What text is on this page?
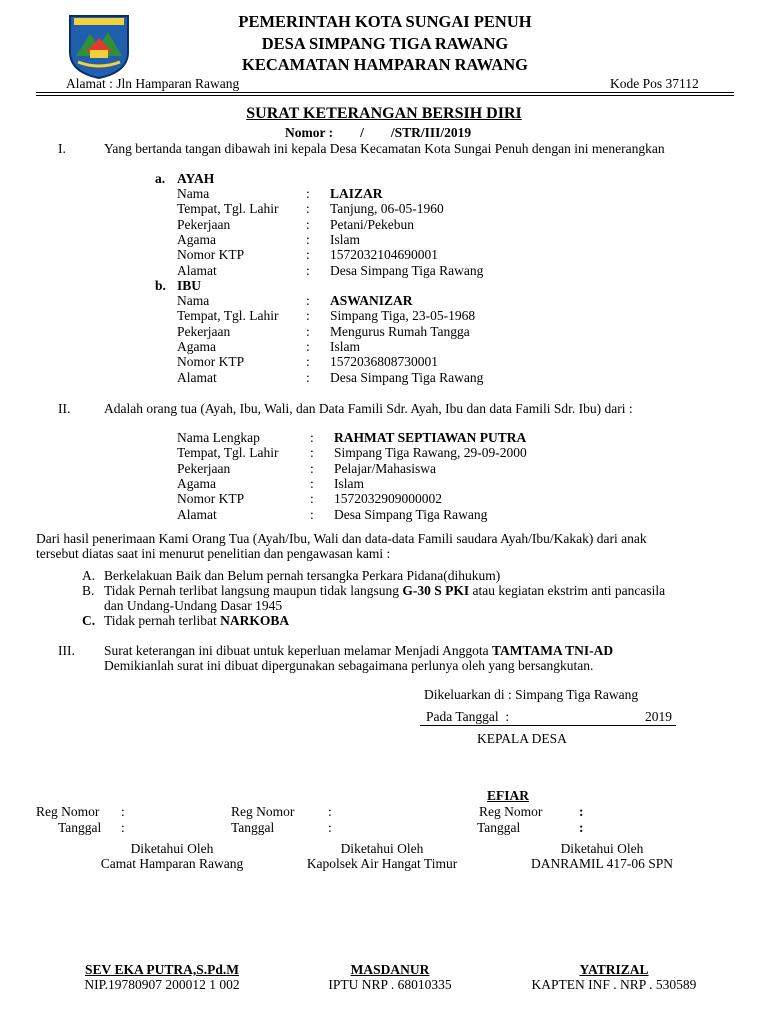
PEMERINTAH KOTA SUNGAI PENUH
DESA SIMPANG TIGA RAWANG
KECAMATAN HAMPARAN RAWANG
Alamat : Jln Hamparan Rawang	Kode Pos 37112
SURAT KETERANGAN BERSIH DIRI
Nomor :        /        /STR/III/2019
I.	Yang bertanda tangan dibawah ini kepala Desa Kecamatan Kota Sungai Penuh dengan ini menerangkan
a. AYAH
Nama	: LAIZAR
Tempat, Tgl. Lahir : Tanjung, 06-05-1960
Pekerjaan	: Petani/Pekebun
Agama	: Islam
Nomor KTP	: 1572032104690001
Alamat	: Desa Simpang Tiga Rawang
b. IBU
Nama	: ASWANIZAR
Tempat, Tgl. Lahir : Simpang Tiga, 23-05-1968
Pekerjaan	: Mengurus Rumah Tangga
Agama	: Islam
Nomor KTP	: 1572036808730001
Alamat	: Desa Simpang Tiga Rawang
II. Adalah orang tua (Ayah, Ibu, Wali, dan Data Famili Sdr. Ayah, Ibu dan data Famili Sdr. Ibu) dari :
Nama Lengkap	: RAHMAT SEPTIAWAN PUTRA
Tempat, Tgl. Lahir : Simpang Tiga Rawang, 29-09-2000
Pekerjaan	: Pelajar/Mahasiswa
Agama	: Islam
Nomor KTP	: 1572032909000002
Alamat	: Desa Simpang Tiga Rawang
Dari hasil penerimaan Kami Orang Tua (Ayah/Ibu, Wali dan data-data Famili saudara Ayah/Ibu/Kakak) dari anak
tersebut diatas saat ini menurut penelitian dan pengawasan kami :
A. Berkelakuan Baik dan Belum pernah tersangka Perkara Pidana(dihukum)
B. Tidak Pernah terlibat langsung maupun tidak langsung G-30 S PKI atau kegiatan ekstrim anti pancasila
dan Undang-Undang Dasar 1945
C. Tidak pernah terlibat NARKOBA
III. Surat keterangan ini dibuat untuk keperluan melamar Menjadi Anggota TAMTAMA TNI-AD
Demikianlah surat ini dibuat dipergunakan sebagaimana perlunya oleh yang bersangkutan.
Dikeluarkan di : Simpang Tiga Rawang
Pada Tanggal  :	2019
KEPALA DESA
EFIAR
Reg Nomor :
Tanggal :
Reg Nomor :
Tanggal	:
Reg Nomor	:
Tanggal	:
Diketahui Oleh
Camat Hamparan Rawang
Diketahui Oleh
Kapolsek Air Hangat Timur
Diketahui Oleh
DANRAMIL 417-06 SPN
SEV EKA PUTRA,S.Pd.M
NIP.19780907 200012 1 002
MASDANUR
IPTU NRP . 68010335
YATRIZAL
KAPTEN INF . NRP . 530589
